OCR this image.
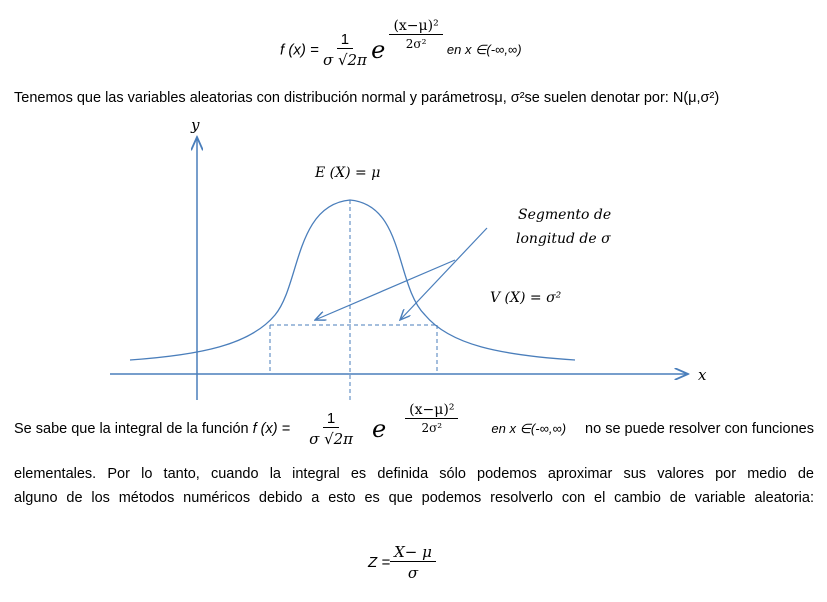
f $(x) = \frac{1}{\sigma √2\pi}$ e $\frac{\text{(x−μ)²}}{\text{2σ²}}$ en x ∈(-∞,∞)
Tenemos que las variables aleatorias con distribución normal y parámetrosμ, σ²se suelen denotar por: N(μ,σ²)
y
x
E (X) = μ
Segmento de
longitud de σ
V (X) = σ²
Se sabe que la integral de la función f $(x) = \frac{1}{\sigma √2\pi}$ e $\frac{\text{(x−μ)²}}{\text{2σ²}}$	en x ∈(-∞,∞) no se puede resolver con funciones
elementales. Por lo tanto, cuando la integral es definida sólo podemos aproximar sus valores por medio de
alguno de los métodos numéricos debido a esto es que podemos resolverlo con el cambio de variable aleatoria:
$Z = \frac{X- \mu}{\sigma}$
